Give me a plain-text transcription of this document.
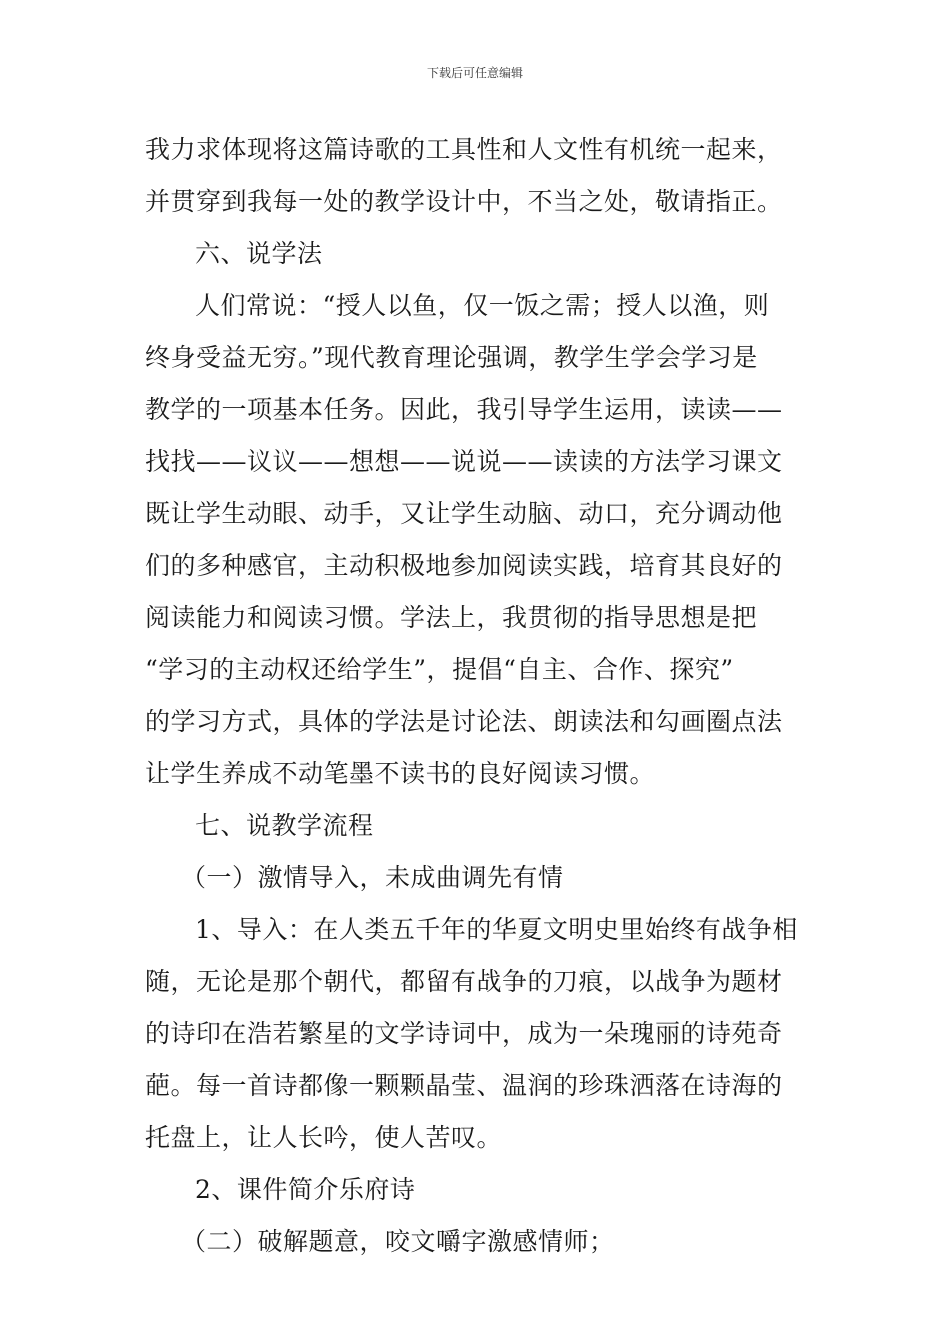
下载后可任意编辑
我力求体现将这篇诗歌的工具性和人文性有机统一起来，
并贯穿到我每一处的教学设计中，不当之处，敬请指正。
六、说学法
人们常说：“授人以鱼，仅一饭之需；授人以渔，则
终身受益无穷。”现代教育理论强调，教学生学会学习是
教学的一项基本任务。因此，我引导学生运用，读读——
找找——议议——想想——说说——读读的方法学习课文
既让学生动眼、动手，又让学生动脑、动口，充分调动他
们的多种感官，主动积极地参加阅读实践，培育其良好的
阅读能力和阅读习惯。学法上，我贯彻的指导思想是把
“学习的主动权还给学生”，提倡“自主、合作、探究”
的学习方式，具体的学法是讨论法、朗读法和勾画圈点法
让学生养成不动笔墨不读书的良好阅读习惯。
七、说教学流程
（一）激情导入，未成曲调先有情
1、导入：在人类五千年的华夏文明史里始终有战争相
随，无论是那个朝代，都留有战争的刀痕，以战争为题材
的诗印在浩若繁星的文学诗词中，成为一朵瑰丽的诗苑奇
葩。每一首诗都像一颗颗晶莹、温润的珍珠洒落在诗海的
托盘上，让人长吟，使人苦叹。
2、课件简介乐府诗
（二）破解题意，咬文嚼字激感情师；
